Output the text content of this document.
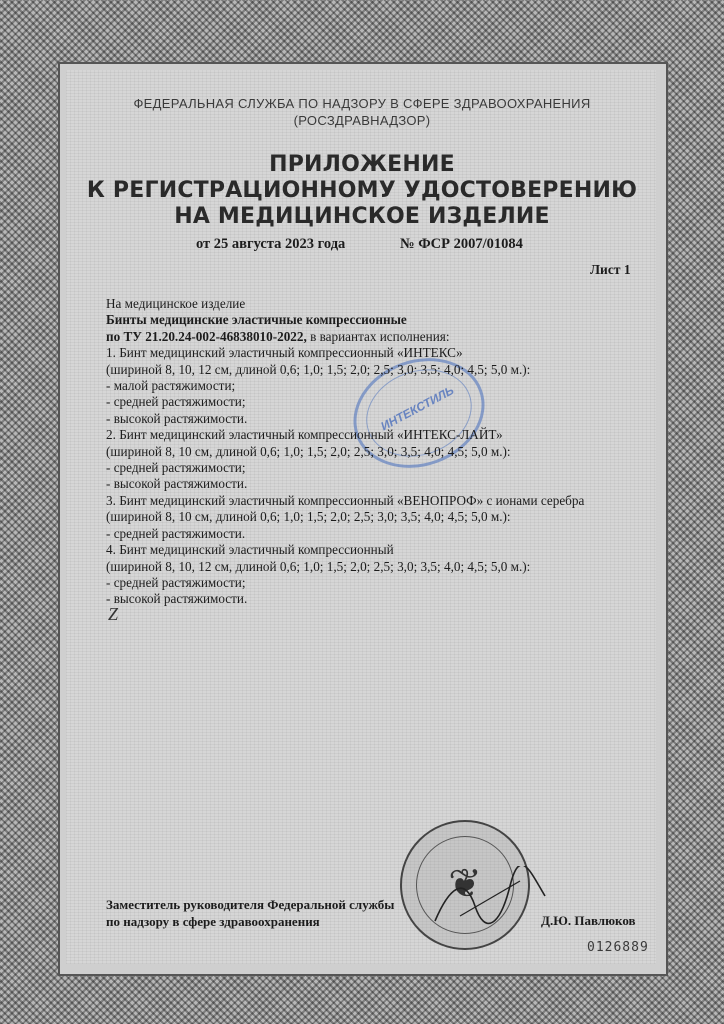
ФЕДЕРАЛЬНАЯ СЛУЖБА ПО НАДЗОРУ В СФЕРЕ ЗДРАВООХРАНЕНИЯ
(РОСЗДРАВНАДЗОР)
ПРИЛОЖЕНИЕ
К РЕГИСТРАЦИОННОМУ УДОСТОВЕРЕНИЮ
НА МЕДИЦИНСКОЕ ИЗДЕЛИЕ
от 25 августа 2023 года	№ ФСР 2007/01084
Лист 1
ИНТЕКСТИЛЬ
На медицинское изделие
Бинты медицинские эластичные компрессионные
по ТУ 21.20.24-002-46838010-2022, в вариантах исполнения:
1. Бинт медицинский эластичный компрессионный «ИНТЕКС»
(шириной 8, 10, 12 см, длиной 0,6; 1,0; 1,5; 2,0; 2,5; 3,0; 3,5; 4,0; 4,5; 5,0 м.):
- малой растяжимости;
- средней растяжимости;
- высокой растяжимости.
2. Бинт медицинский эластичный компрессионный «ИНТЕКС-ЛАЙТ»
(шириной 8, 10 см, длиной 0,6; 1,0; 1,5; 2,0; 2,5; 3,0; 3,5; 4,0; 4,5; 5,0 м.):
- средней растяжимости;
- высокой растяжимости.
3. Бинт медицинский эластичный компрессионный «ВЕНОПРОФ» с ионами серебра
(шириной 8, 10 см, длиной 0,6; 1,0; 1,5; 2,0; 2,5; 3,0; 3,5; 4,0; 4,5; 5,0 м.):
- средней растяжимости.
4. Бинт медицинский эластичный компрессионный
(шириной 8, 10, 12 см, длиной 0,6; 1,0; 1,5; 2,0; 2,5; 3,0; 3,5; 4,0; 4,5; 5,0 м.):
- средней растяжимости;
- высокой растяжимости.
Z
❦
Заместитель руководителя Федеральной службы
по надзору в сфере здравоохранения	Д.Ю. Павлюков
0126889
